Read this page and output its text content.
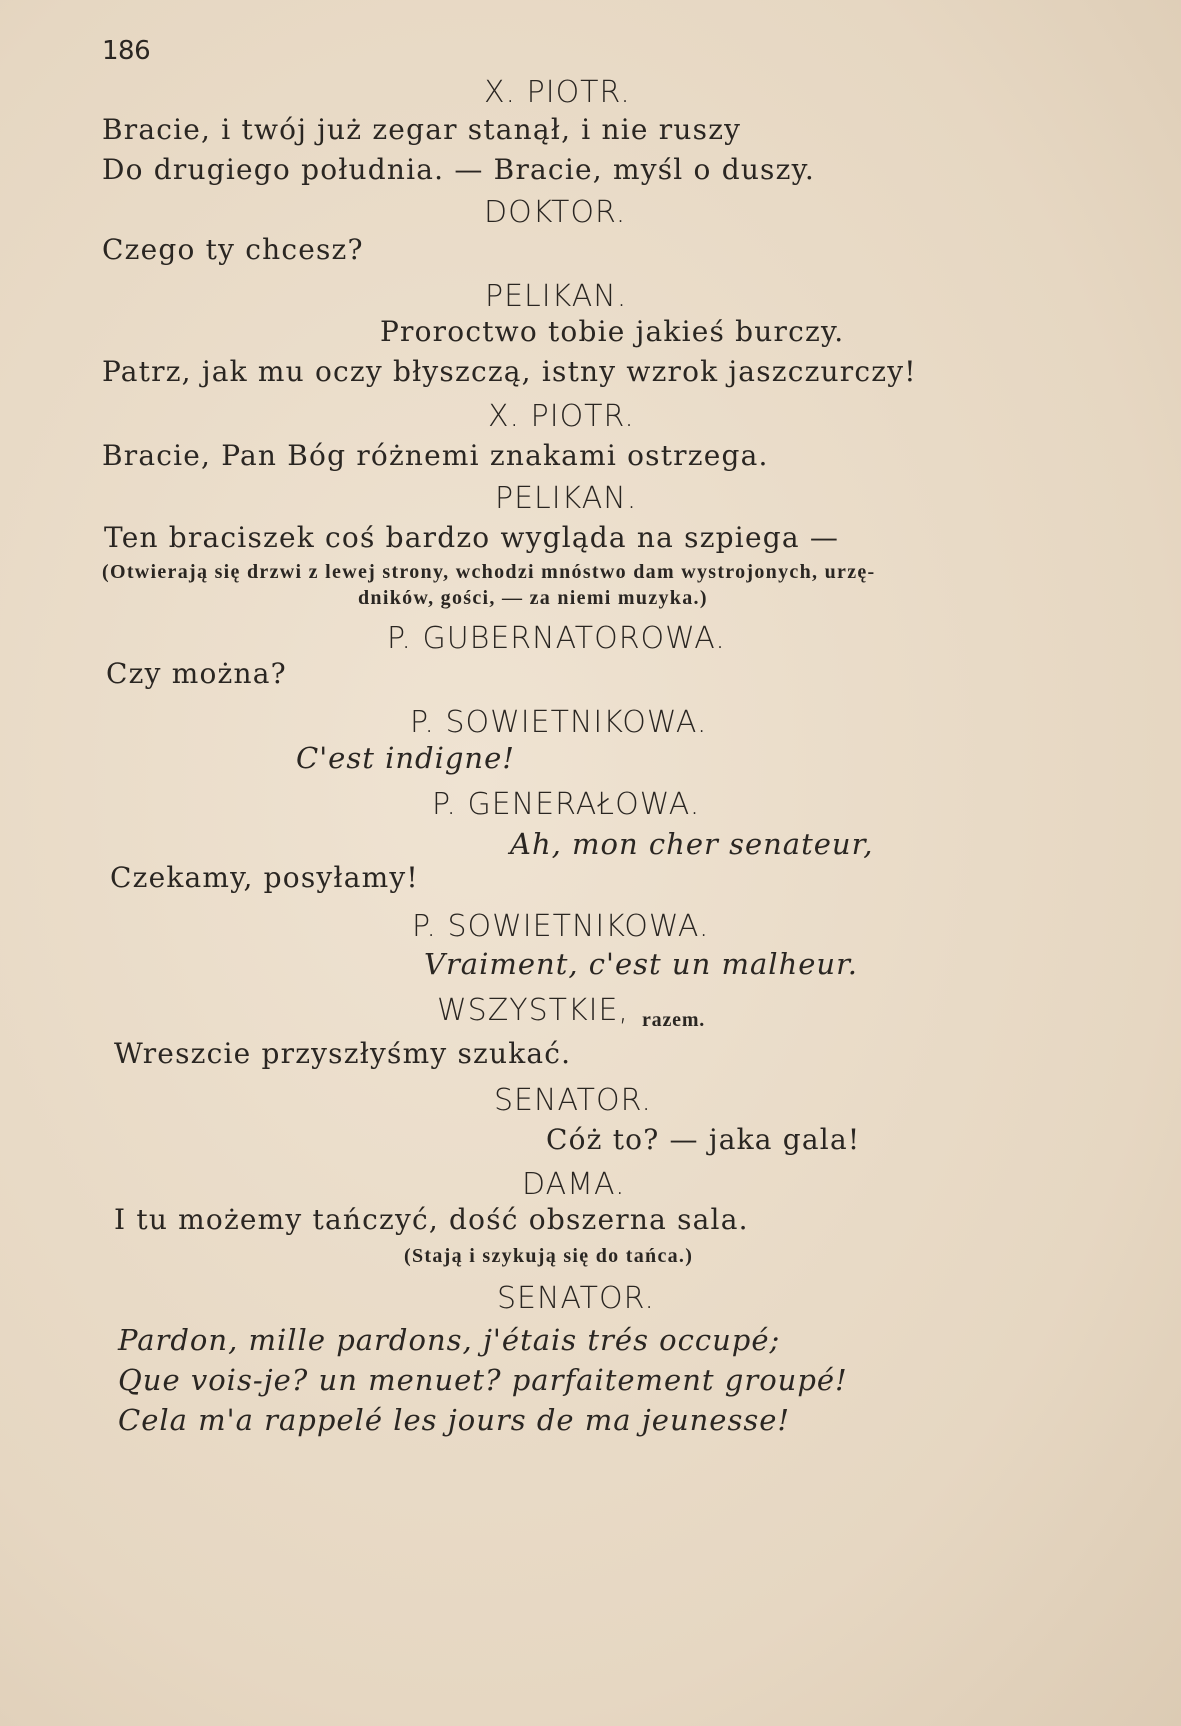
186
X. PIOTR.
Bracie, i twój już zegar stanął, i nie ruszy
Do drugiego południa. — Bracie, myśl o duszy.
DOKTOR.
Czego ty chcesz?
PELIKAN.
Proroctwo tobie jakieś burczy.
Patrz, jak mu oczy błyszczą, istny wzrok jaszczurczy!
X. PIOTR.
Bracie, Pan Bóg różnemi znakami ostrzega.
PELIKAN.
Ten braciszek coś bardzo wygląda na szpiega —
(Otwierają się drzwi z lewej strony, wchodzi mnóstwo dam wystrojonych, urzę-
dników, gości, — za niemi muzyka.)
P. GUBERNATOROWA.
Czy można?
P. SOWIETNIKOWA.
C'est indigne!
P. GENERAŁOWA.
Ah, mon cher senateur,
Czekamy, posyłamy!
P. SOWIETNIKOWA.
Vraiment, c'est un malheur.
WSZYSTKIE, razem.
Wreszcie przyszłyśmy szukać.
SENATOR.
Cóż to? — jaka gala!
DAMA.
I tu możemy tańczyć, dość obszerna sala.
(Stają i szykują się do tańca.)
SENATOR.
Pardon, mille pardons, j'étais trés occupé;
Que vois-je? un menuet? parfaitement groupé!
Cela m'a rappelé les jours de ma jeunesse!
